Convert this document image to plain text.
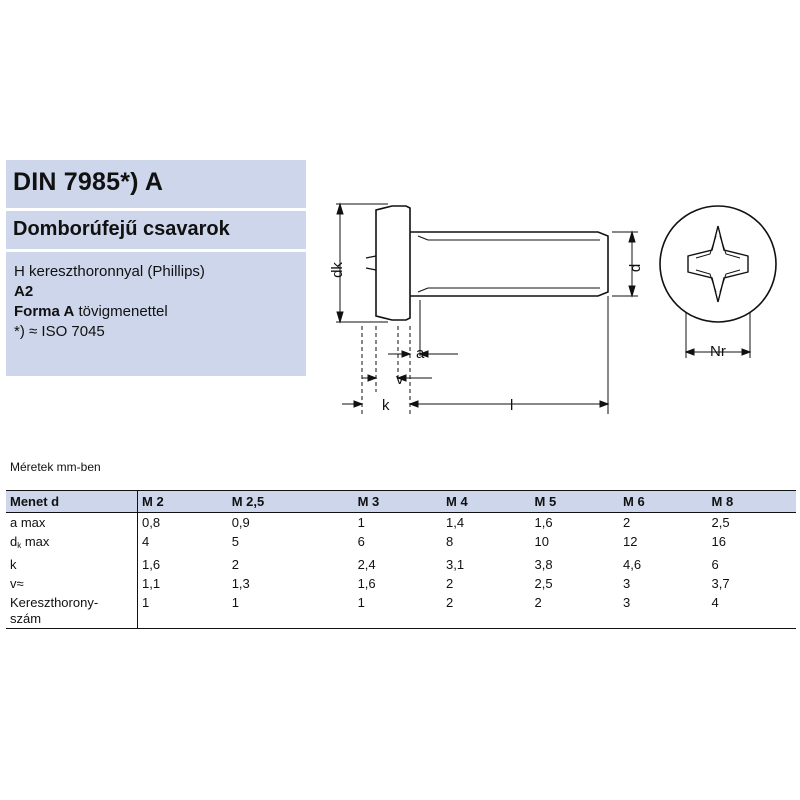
DIN 7985*) A
Domborúfejű csavarok
H kereszthoronnyal (Phillips)
A2
Forma A tövigmenettel
*) ≈ ISO 7045
dk	d
a
v
k	l
Nr
Méretek mm-ben
Menet d	M 2	M 2,5	M 3	M 4	M 5	M 6	M 8
a max	0,8	0,9	1	1,4	1,6	2	2,5
$d_k$ max	4	5	6	8	10	12	16
k	1,6	2	2,4	3,1	3,8	4,6	6
v≈	1,1	1,3	1,6	2	2,5	3	3,7

Kereszthorony-
szám	1	1	1	2	2	3	4
